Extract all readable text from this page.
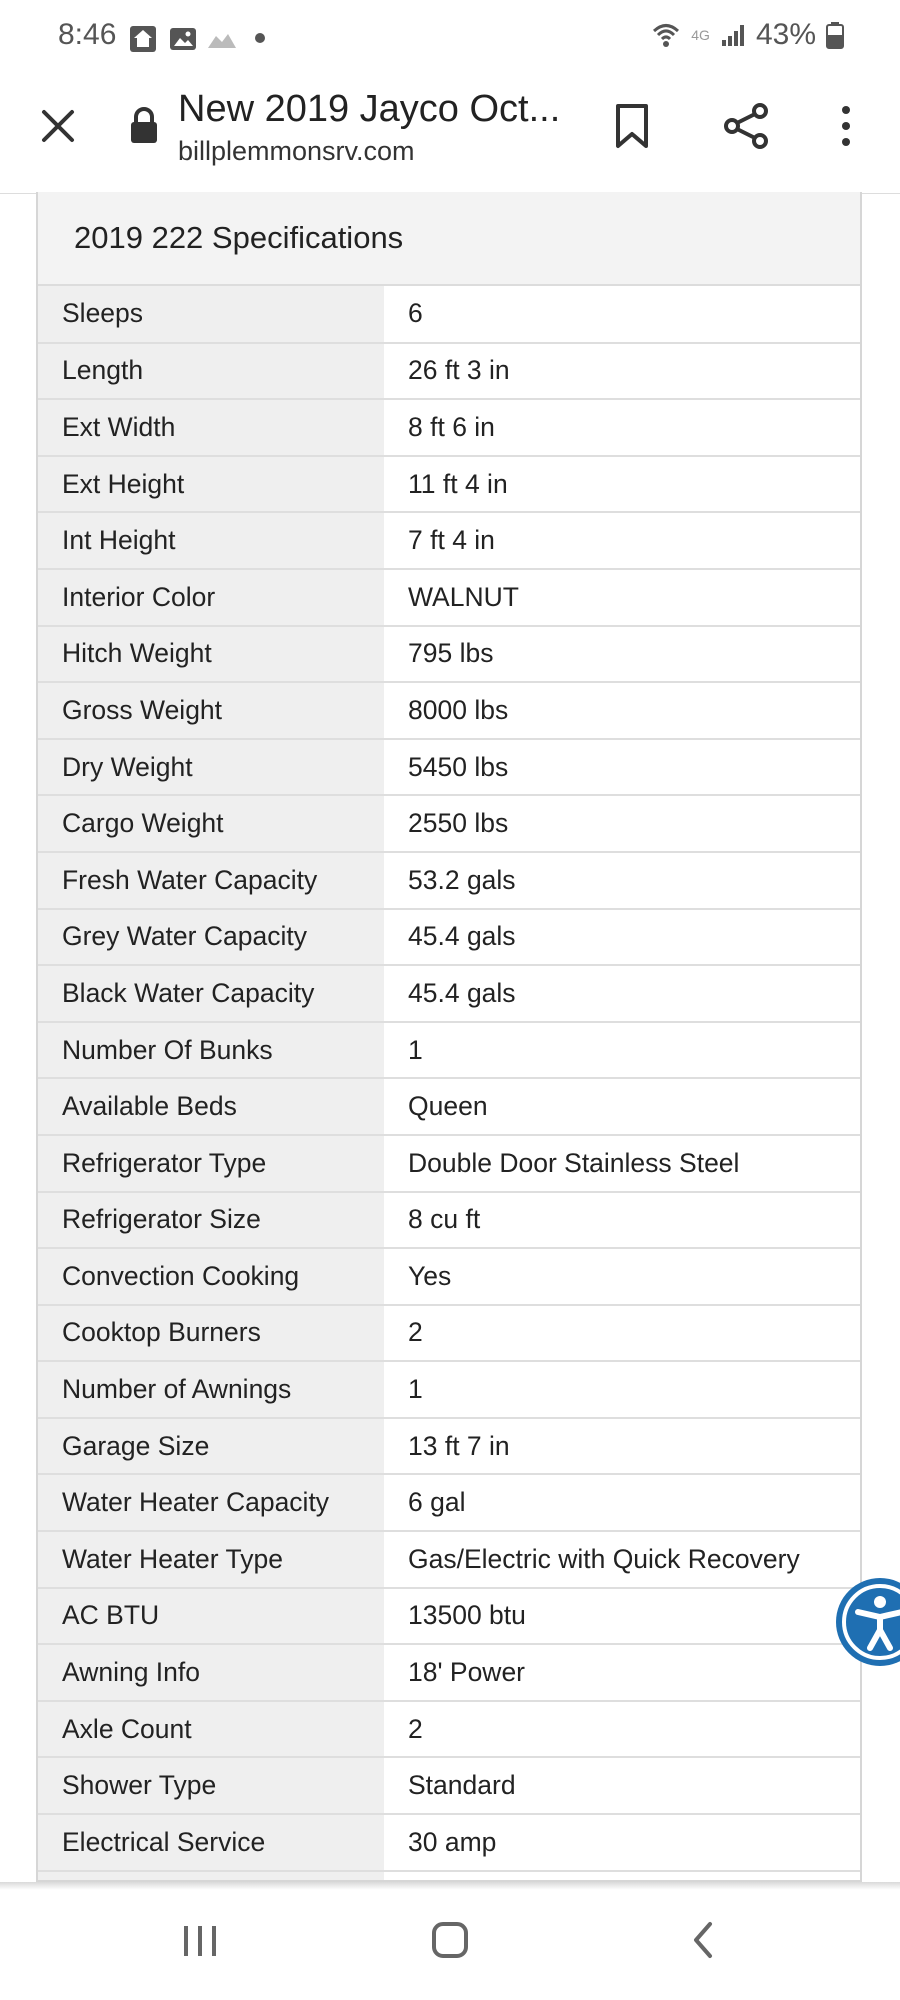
8:46	4G 43%
New 2019 Jayco Oct...
billplemmonsrv.com
2019 222 Specifications
Sleeps	6
Length	26 ft 3 in
Ext Width	8 ft 6 in
Ext Height	11 ft 4 in
Int Height	7 ft 4 in
Interior Color	WALNUT
Hitch Weight	795 lbs
Gross Weight	8000 lbs
Dry Weight	5450 lbs
Cargo Weight	2550 lbs
Fresh Water Capacity	53.2 gals
Grey Water Capacity	45.4 gals
Black Water Capacity	45.4 gals
Number Of Bunks	1
Available Beds	Queen
Refrigerator Type	Double Door Stainless Steel
Refrigerator Size	8 cu ft
Convection Cooking	Yes
Cooktop Burners	2
Number of Awnings	1
Garage Size	13 ft 7 in
Water Heater Capacity	6 gal
Water Heater Type	Gas/Electric with Quick Recovery
AC BTU	13500 btu
Awning Info	18' Power
Axle Count	2
Shower Type	Standard
Electrical Service	30 amp
